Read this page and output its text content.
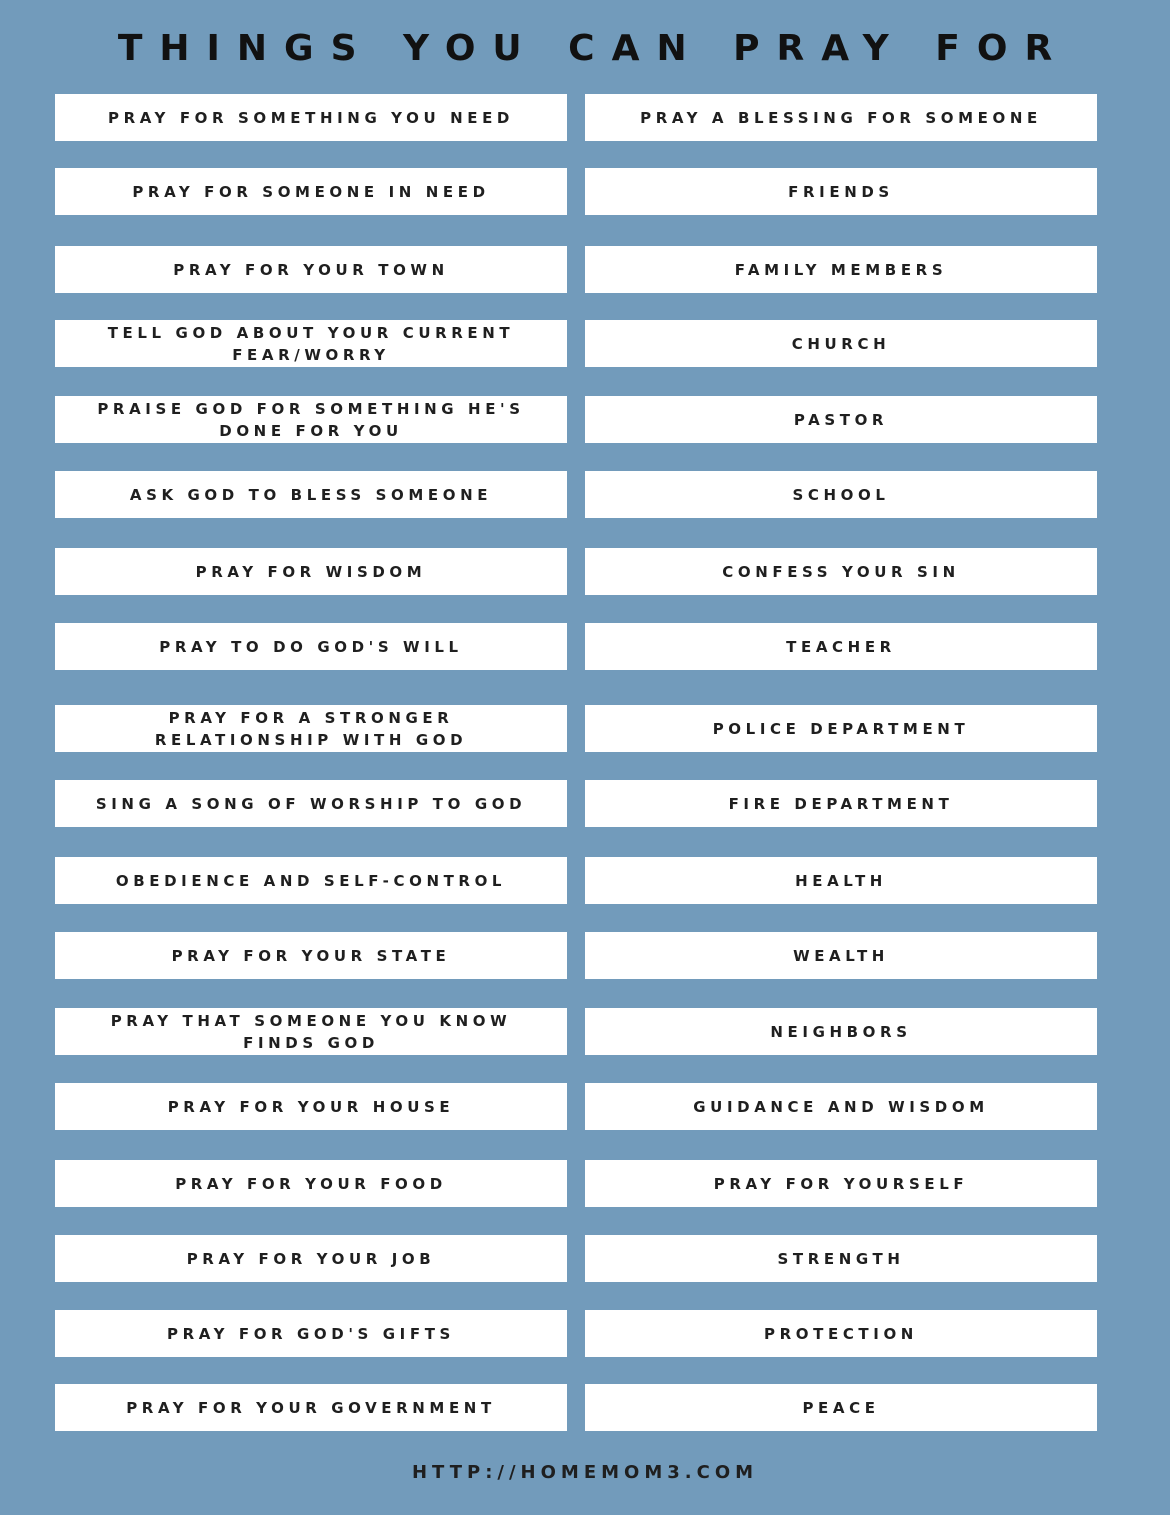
THINGS YOU CAN PRAY FOR
PRAY FOR SOMETHING YOU NEED
PRAY FOR SOMEONE IN NEED
PRAY FOR YOUR TOWN
TELL GOD ABOUT YOUR CURRENT FEAR/WORRY
PRAISE GOD FOR SOMETHING HE'S DONE FOR YOU
ASK GOD TO BLESS SOMEONE
PRAY FOR WISDOM
PRAY TO DO GOD'S WILL
PRAY FOR A STRONGER RELATIONSHIP WITH GOD
SING A SONG OF WORSHIP TO GOD
OBEDIENCE AND SELF-CONTROL
PRAY FOR YOUR STATE
PRAY THAT SOMEONE YOU KNOW FINDS GOD
PRAY FOR YOUR HOUSE
PRAY FOR YOUR FOOD
PRAY FOR YOUR JOB
PRAY FOR GOD'S GIFTS
PRAY FOR YOUR GOVERNMENT
PRAY A BLESSING FOR SOMEONE
FRIENDS
FAMILY MEMBERS
CHURCH
PASTOR
SCHOOL
CONFESS YOUR SIN
TEACHER
POLICE DEPARTMENT
FIRE DEPARTMENT
HEALTH
WEALTH
NEIGHBORS
GUIDANCE AND WISDOM
PRAY FOR YOURSELF
STRENGTH
PROTECTION
PEACE
HTTP://HOMEMOM3.COM
